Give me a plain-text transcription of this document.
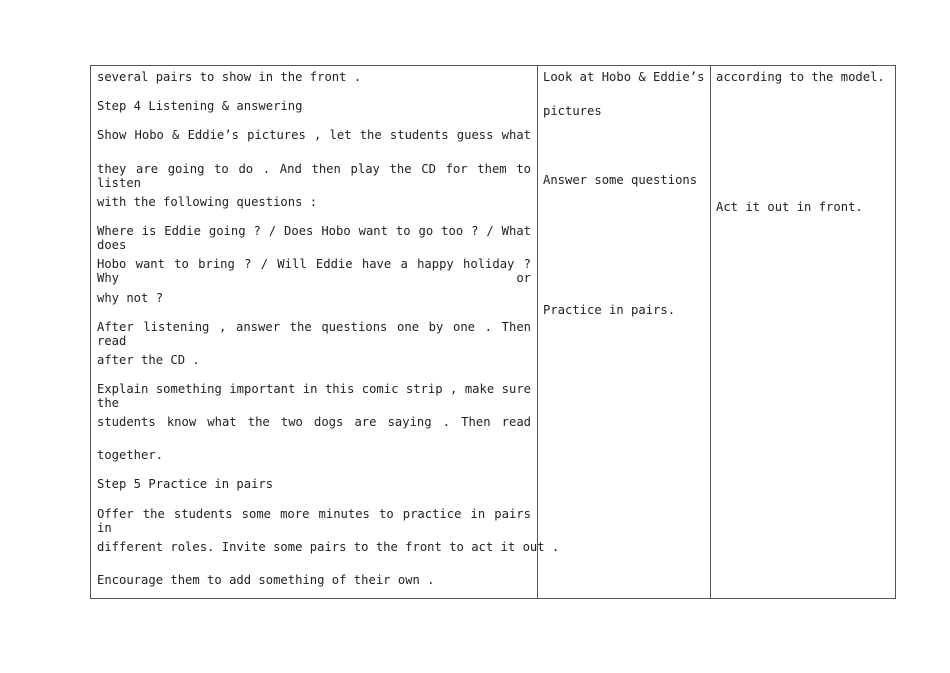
several pairs to show in the front .
Step 4 Listening & answering
Show Hobo & Eddie’s pictures , let the students guess what
they are going to do . And then play the CD for them to listen
with the following questions :
Where is Eddie going ? / Does Hobo want to go too ? / What does
Hobo want to bring ? / Will Eddie have a happy holiday ? Why or
why not ?
After listening , answer the questions one by one . Then read
after the CD .
Explain something important in this comic strip , make sure the
students know what the two dogs are saying . Then read
together.
Step 5 Practice in pairs
Offer the students some more minutes to practice in pairs in
different roles. Invite some pairs to the front to act it out .
Encourage them to add something of their own .
Look at Hobo & Eddie’s
pictures
Answer some questions
Practice in pairs.
according to the model.
Act it out in front.
